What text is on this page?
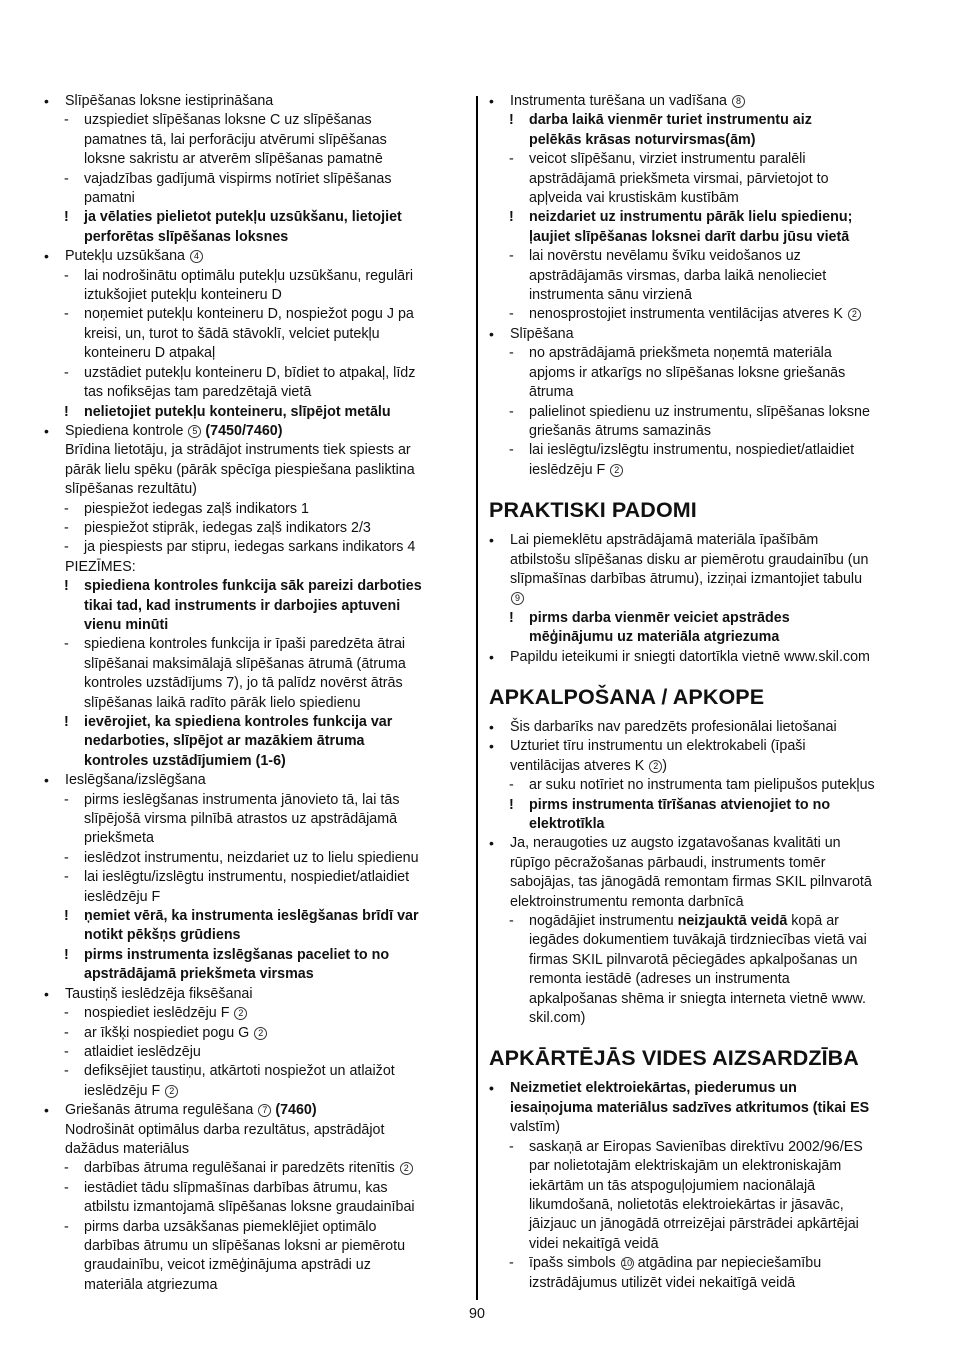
• Slīpēšanas loksne iestiprināšana
- uzspiediet slīpēšanas loksne C uz slīpēšanas
pamatnes tā, lai perforāciju atvērumi slīpēšanas
loksne sakristu ar atverēm slīpēšanas pamatnē
- vajadzības gadījumā vispirms notīriet slīpēšanas
pamatni
! ja vēlaties pielietot putekļu uzsūkšanu, lietojiet
perforētas slīpēšanas loksnes
• Putekļu uzsūkšana 4
- lai nodrošinātu optimālu putekļu uzsūkšanu, regulāri
iztukšojiet putekļu konteineru D
- noņemiet putekļu konteineru D, nospiežot pogu J pa
kreisi, un, turot to šādā stāvoklī, velciet putekļu
konteineru D atpakaļ
- uzstādiet putekļu konteineru D, bīdiet to atpakaļ, līdz
tas nofiksējas tam paredzētajā vietā
! nelietojiet putekļu konteineru, slīpējot metālu
• Spiediena kontrole 5 (7450/7460)
Brīdina lietotāju, ja strādājot instruments tiek spiests ar
pārāk lielu spēku (pārāk spēcīga piespiešana pasliktina
slīpēšanas rezultātu)
- piespiežot iedegas zaļš indikators 1
- piespiežot stiprāk, iedegas zaļš indikators 2/3
- ja piespiests par stipru, iedegas sarkans indikators 4
PIEZĪMES:
! spiediena kontroles funkcija sāk pareizi darboties
tikai tad, kad instruments ir darbojies aptuveni
vienu minūti
- spiediena kontroles funkcija ir īpaši paredzēta ātrai
slīpēšanai maksimālajā slīpēšanas ātrumā (ātruma
kontroles uzstādījums 7), jo tā palīdz novērst ātrās
slīpēšanas laikā radīto pārāk lielo spiedienu
! ievērojiet, ka spiediena kontroles funkcija var
nedarboties, slīpējot ar mazākiem ātruma
kontroles uzstādījumiem (1-6)
• Ieslēgšana/izslēgšana
- pirms ieslēgšanas instrumenta jānovieto tā, lai tās
slīpējošā virsma pilnībā atrastos uz apstrādājamā
priekšmeta
- ieslēdzot instrumentu, neizdariet uz to lielu spiedienu
- lai ieslēgtu/izslēgtu instrumentu, nospiediet/atlaidiet
ieslēdzēju F
! ņemiet vērā, ka instrumenta ieslēgšanas brīdī var
notikt pēkšņs grūdiens
! pirms instrumenta izslēgšanas paceliet to no
apstrādājamā priekšmeta virsmas
• Taustiņš ieslēdzēja fiksēšanai
- nospiediet ieslēdzēju F 2
- ar īkšķi nospiediet pogu G 2
- atlaidiet ieslēdzēju
- defiksējiet taustiņu, atkārtoti nospiežot un atlaižot
ieslēdzēju F 2
• Griešanās ātruma regulēšana 7 (7460)
Nodrošināt optimālus darba rezultātus, apstrādājot
dažādus materiālus
- darbības ātruma regulēšanai ir paredzēts ritenītis 2
- iestādiet tādu slīpmašīnas darbības ātrumu, kas
atbilstu izmantojamā slīpēšanas loksne graudainībai
- pirms darba uzsākšanas piemeklējiet optimālo
darbības ātrumu un slīpēšanas loksni ar piemērotu
graudainību, veicot izmēģinājuma apstrādi uz
materiāla atgriezuma
• Instrumenta turēšana un vadīšana 8
! darba laikā vienmēr turiet instrumentu aiz
pelēkās krāsas noturvirsmas(ām)
- veicot slīpēšanu, virziet instrumentu paralēli
apstrādājamā priekšmeta virsmai, pārvietojot to
apļveida vai krustiskām kustībām
! neizdariet uz instrumentu pārāk lielu spiedienu;
ļaujiet slīpēšanas loksnei darīt darbu jūsu vietā
- lai novērstu nevēlamu švīku veidošanos uz
apstrādājamās virsmas, darba laikā nenolieciet
instrumenta sānu virzienā
- nenosprostojiet instrumenta ventilācijas atveres K 2
• Slīpēšana
- no apstrādājamā priekšmeta noņemtā materiāla
apjoms ir atkarīgs no slīpēšanas loksne griešanās
ātruma
- palielinot spiedienu uz instrumentu, slīpēšanas loksne
griešanās ātrums samazinās
- lai ieslēgtu/izslēgtu instrumentu, nospiediet/atlaidiet
ieslēdzēju F 2
PRAKTISKI PADOMI
• Lai piemeklētu apstrādājamā materiāla īpašībām
atbilstošu slīpēšanas disku ar piemērotu graudainību (un
slīpmašīnas darbības ātrumu), izziņai izmantojiet tabulu
9
! pirms darba vienmēr veiciet apstrādes
mēģinājumu uz materiāla atgriezuma
• Papildu ieteikumi ir sniegti datortīkla vietnē www.skil.com
APKALPOŠANA / APKOPE
• Šis darbarīks nav paredzēts profesionālai lietošanai
• Uzturiet tīru instrumentu un elektrokabeli (īpaši
ventilācijas atveres K 2 )
- ar suku notīriet no instrumenta tam pielipušos putekļus
! pirms instrumenta tīrīšanas atvienojiet to no
elektrotīkla
• Ja, neraugoties uz augsto izgatavošanas kvalitāti un
rūpīgo pēcražošanas pārbaudi, instruments tomēr
sabojājas, tas jānogādā remontam firmas SKIL pilnvarotā
elektroinstrumentu remonta darbnīcā
- nogādājiet instrumentu neizjauktā veidā kopā ar
iegādes dokumentiem tuvākajā tirdzniecības vietā vai
firmas SKIL pilnvarotā pēciegādes apkalpošanas un
remonta iestādē (adreses un instrumenta
apkalpošanas shēma ir sniegta interneta vietnē www.
skil.com)
APKĀRTĒJĀS VIDES AIZSARDZĪBA
• Neizmetiet elektroiekārtas, piederumus un
iesaiņojuma materiālus sadzīves atkritumos (tikai ES
valstīm)
- saskaņā ar Eiropas Savienības direktīvu 2002/96/ES
par nolietotajām elektriskajām un elektroniskajām
iekārtām un tās atspoguļojumiem nacionālajā
likumdošanā, nolietotās elektroiekārtas ir jāsavāc,
jāizjauc un jānogādā otrreizējai pārstrādei apkārtējai
videi nekaitīgā veidā
- īpašs simbols 10 atgādina par nepieciešamību
izstrādājumus utilizēt videi nekaitīgā veidā
90
